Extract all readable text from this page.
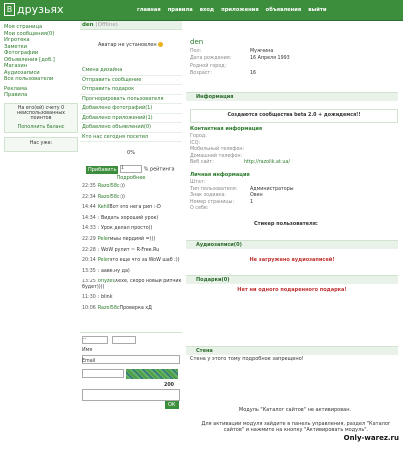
B друзьях	главная правила вход приложения объявления выйти
Моя страница
Мои сообщения(0)
Игротека
Заметки
Фотографии
Объявления [доб.]
Магазин
Аудиозаписи
Все пользователи
Реклама
Правила
На его(ей) счету 0 неиспользованных поинтов
Пополнить баланс
Нас уже:
den (Offline)
Аватар не установлен
Смена дизайна
Отправить сообщение
Отправить подарок
Прогнорировать пользователя
Добавлено фотографий(1)
Добавлено приложений(1)
Добавлено объявлений(0)
Кто нас сегодня посетил
0%
Прибавить 1	% рейтинга
Подробнее
22:35 Razol58c:))
22:34 Razol58c:))
14:44 KehllВот это нега рип :-D
14:34 : Видать хороший урок)
14:33 : Урок делал просто))
22:29 Pelerмыы пердияй =)))
22:28 : WoW рулит ~ R-Free.Ru
20:14 Pelerэто еще что за WoW шаб :))
13:35 : ааве.ну да)
13:25 orlyzesХехе, скоро новый рипчик будет))))
11:30 : blink
10:06 Razol58cПроверка хД
--
Имя
Email
200
ОК
den
Пол:	Мужчина
Дата рождения:	16 Апреля 1993
Родной город:
Возраст:	16
Информация
Создаются сообщества beta 2.0 + дожидемся!!
Контактная информация
Город:
ICQ:
Мобильный телефон:
Домашний телефон:
Веб сайт:	http://razolik.at.ua/
Личная информация
Штат:
Тип пользователя:	Администраторы
Знак зодиака:	Овен
Номер страницы:	1
О себе:
Стикер пользователя:
Аудиозаписи(0)
Не загружено аудиозаписей!
Подарки(0)
Нет ни одного подаренного подарка!
Стена
Стена у этого тому подробное запрещено!
Модуль "Каталог сайтов" не активирован.
Для активации модуля зайдите в панель управления, раздел "Каталог сайтов" и нажмите на кнопку "Активировать модуль".
Only-warez.ru
